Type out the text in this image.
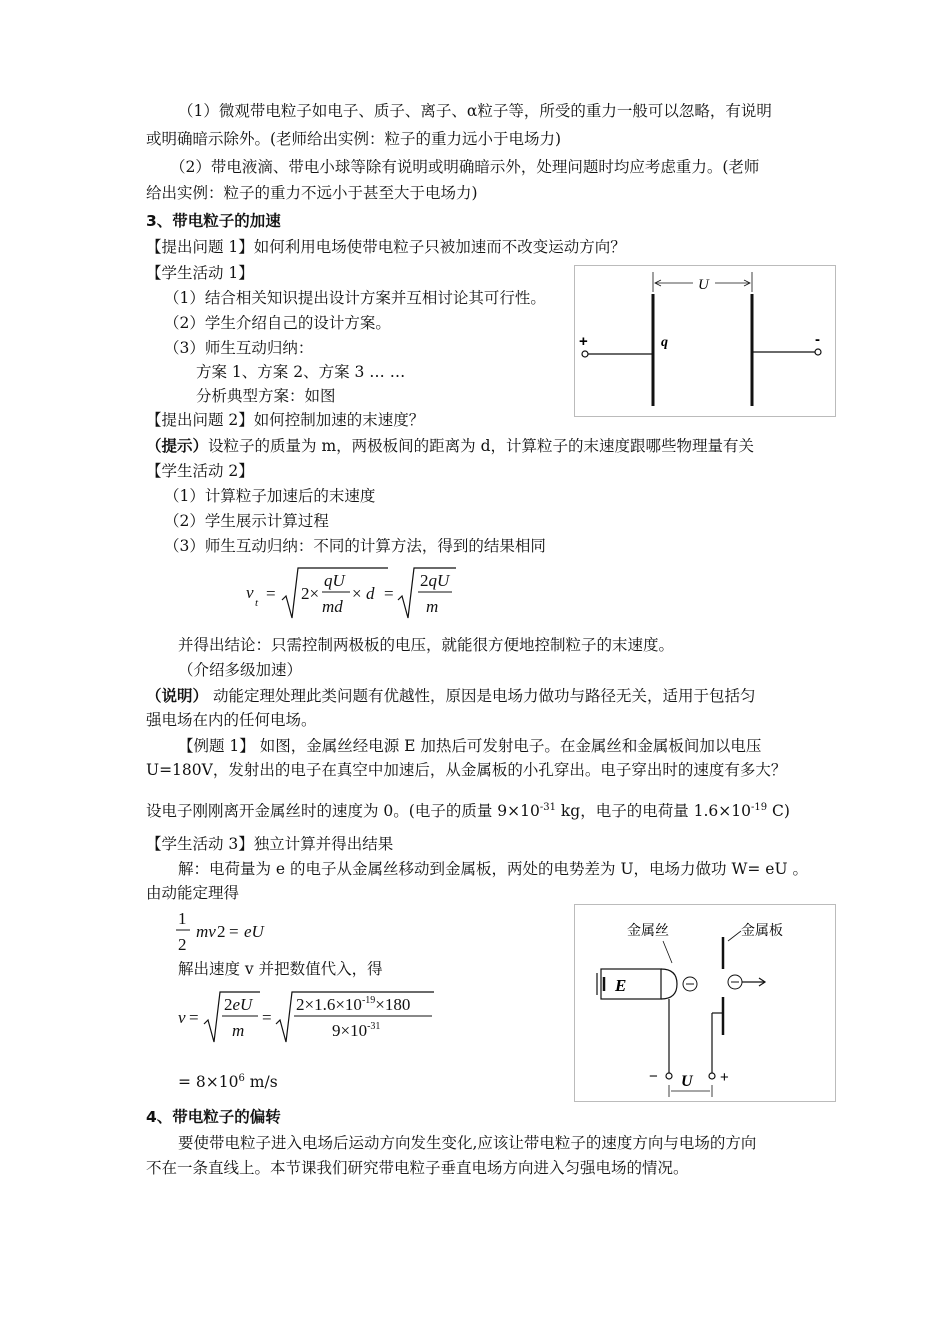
（1）微观带电粒子如电子、质子、离子、α粒子等，所受的重力一般可以忽略，有说明
或明确暗示除外。(老师给出实例：粒子的重力远小于电场力)
（2）带电液滴、带电小球等除有说明或明确暗示外，处理问题时均应考虑重力。(老师
给出实例：粒子的重力不远小于甚至大于电场力)
3、带电粒子的加速
【提出问题 1】如何利用电场使带电粒子只被加速而不改变运动方向？
【学生活动 1】
（1）结合相关知识提出设计方案并互相讨论其可行性。
（2）学生介绍自己的设计方案。
（3）师生互动归纳：
方案 1、方案 2、方案 3 … …
分析典型方案：如图
【提出问题 2】如何控制加速的末速度？
（提示）设粒子的质量为 m，两极板间的距离为 d，计算粒子的末速度跟哪些物理量有关
【学生活动 2】
（1）计算粒子加速后的末速度
（2）学生展示计算过程
（3）师生互动归纳：不同的计算方法，得到的结果相同
v
t = 2×
qU
md
× d =
2qU
m
并得出结论：只需控制两极板的电压，就能很方便地控制粒子的末速度。
（介绍多级加速）
（说明） 动能定理处理此类问题有优越性，原因是电场力做功与路径无关，适用于包括匀
强电场在内的任何电场。
【例题 1】 如图，金属丝经电源 E 加热后可发射电子。在金属丝和金属板间加以电压
U=180V，发射出的电子在真空中加速后，从金属板的小孔穿出。电子穿出时的速度有多大？
设电子刚刚离开金属丝时的速度为 0。(电子的质量 $9\times 10^{-31}$ kg，电子的电荷量 $1.6\times 10^{-19}$ C)
【学生活动 3】独立计算并得出结果
解：电荷量为 e 的电子从金属丝移动到金属板，两处的电势差为 U，电场力做功 W= eU 。
由动能定理得
1
2
mv 2 = eU
解出速度 v 并把数值代入，得
v =
2eU
m
=
$2\times 1.6\times 10^{-19}\times 180$
$9\times 10^{-31}$
= $8\times 10^6$ m/s
4、带电粒子的偏转
要使带电粒子进入电场后运动方向发生变化,应该让带电粒子的速度方向与电场的方向
不在一条直线上。本节课我们研究带电粒子垂直电场方向进入匀强电场的情况。
U
+	-
q
金属丝	金属板
E
−	+
U
